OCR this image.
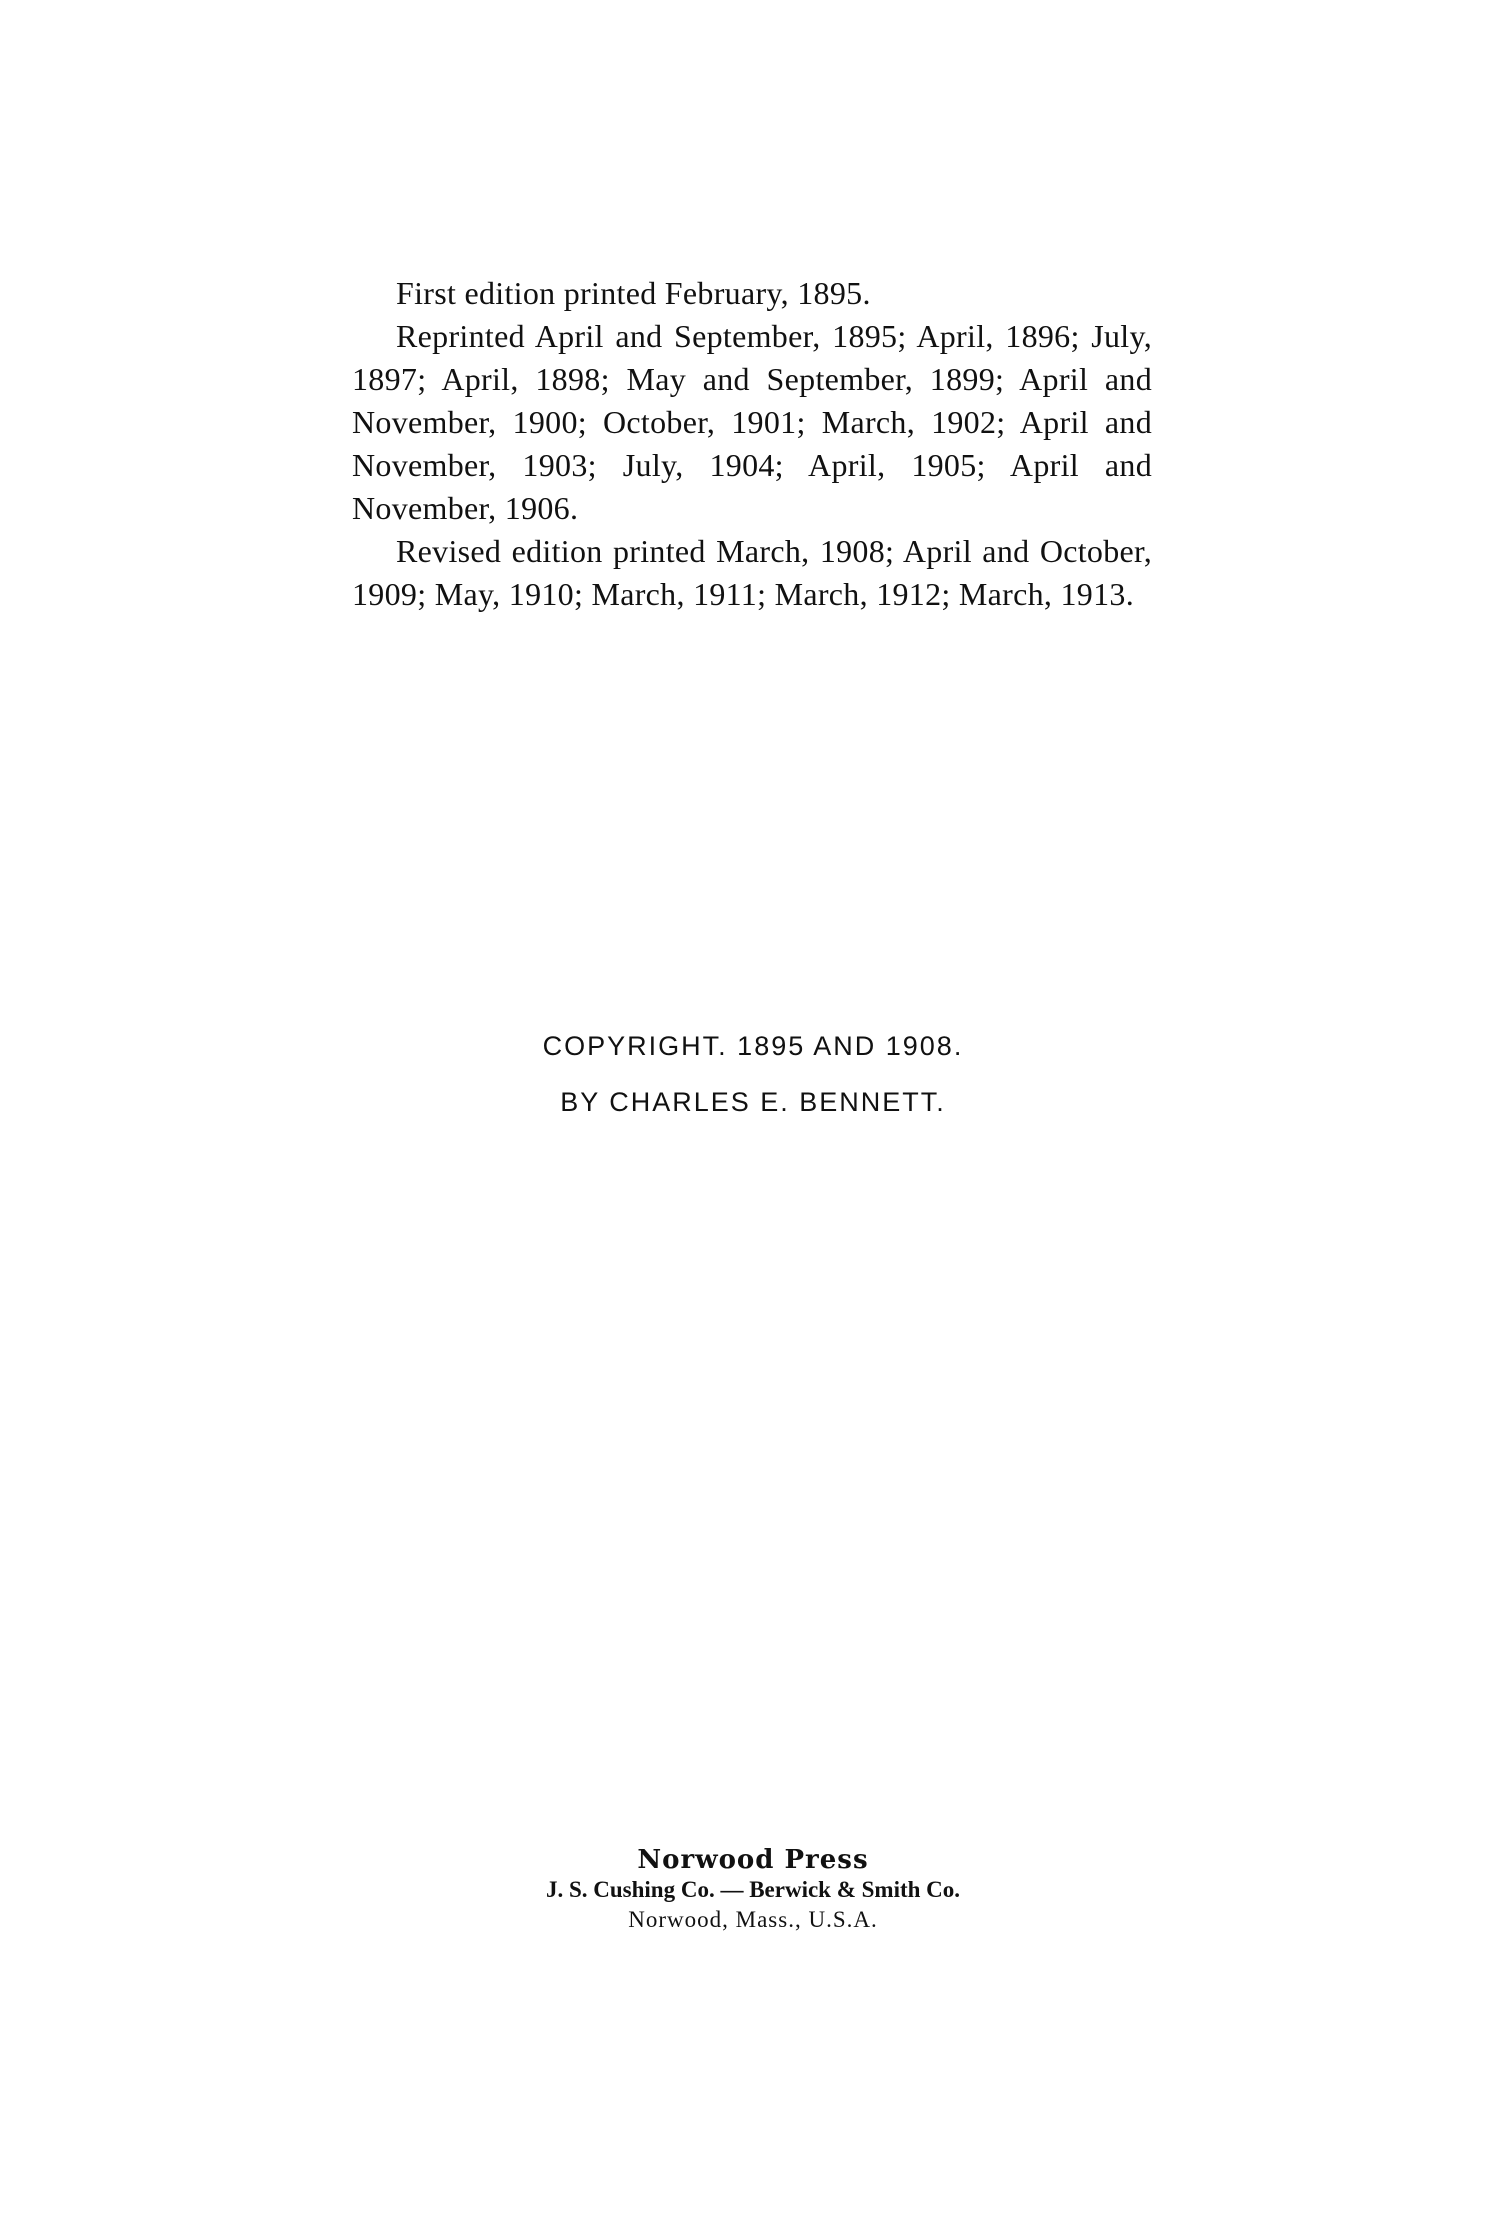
First edition printed February, 1895.

Reprinted April and September, 1895; April, 1896; July, 1897; April, 1898; May and September, 1899; April and November, 1900; October, 1901; March, 1902; April and November, 1903; July, 1904; April, 1905; April and November, 1906.

Revised edition printed March, 1908; April and October, 1909; May, 1910; March, 1911; March, 1912; March, 1913.

COPYRIGHT. 1895 AND 1908.
BY CHARLES E. BENNETT.
Norwood Press
J. S. Cushing Co. — Berwick & Smith Co.
Norwood, Mass., U.S.A.
